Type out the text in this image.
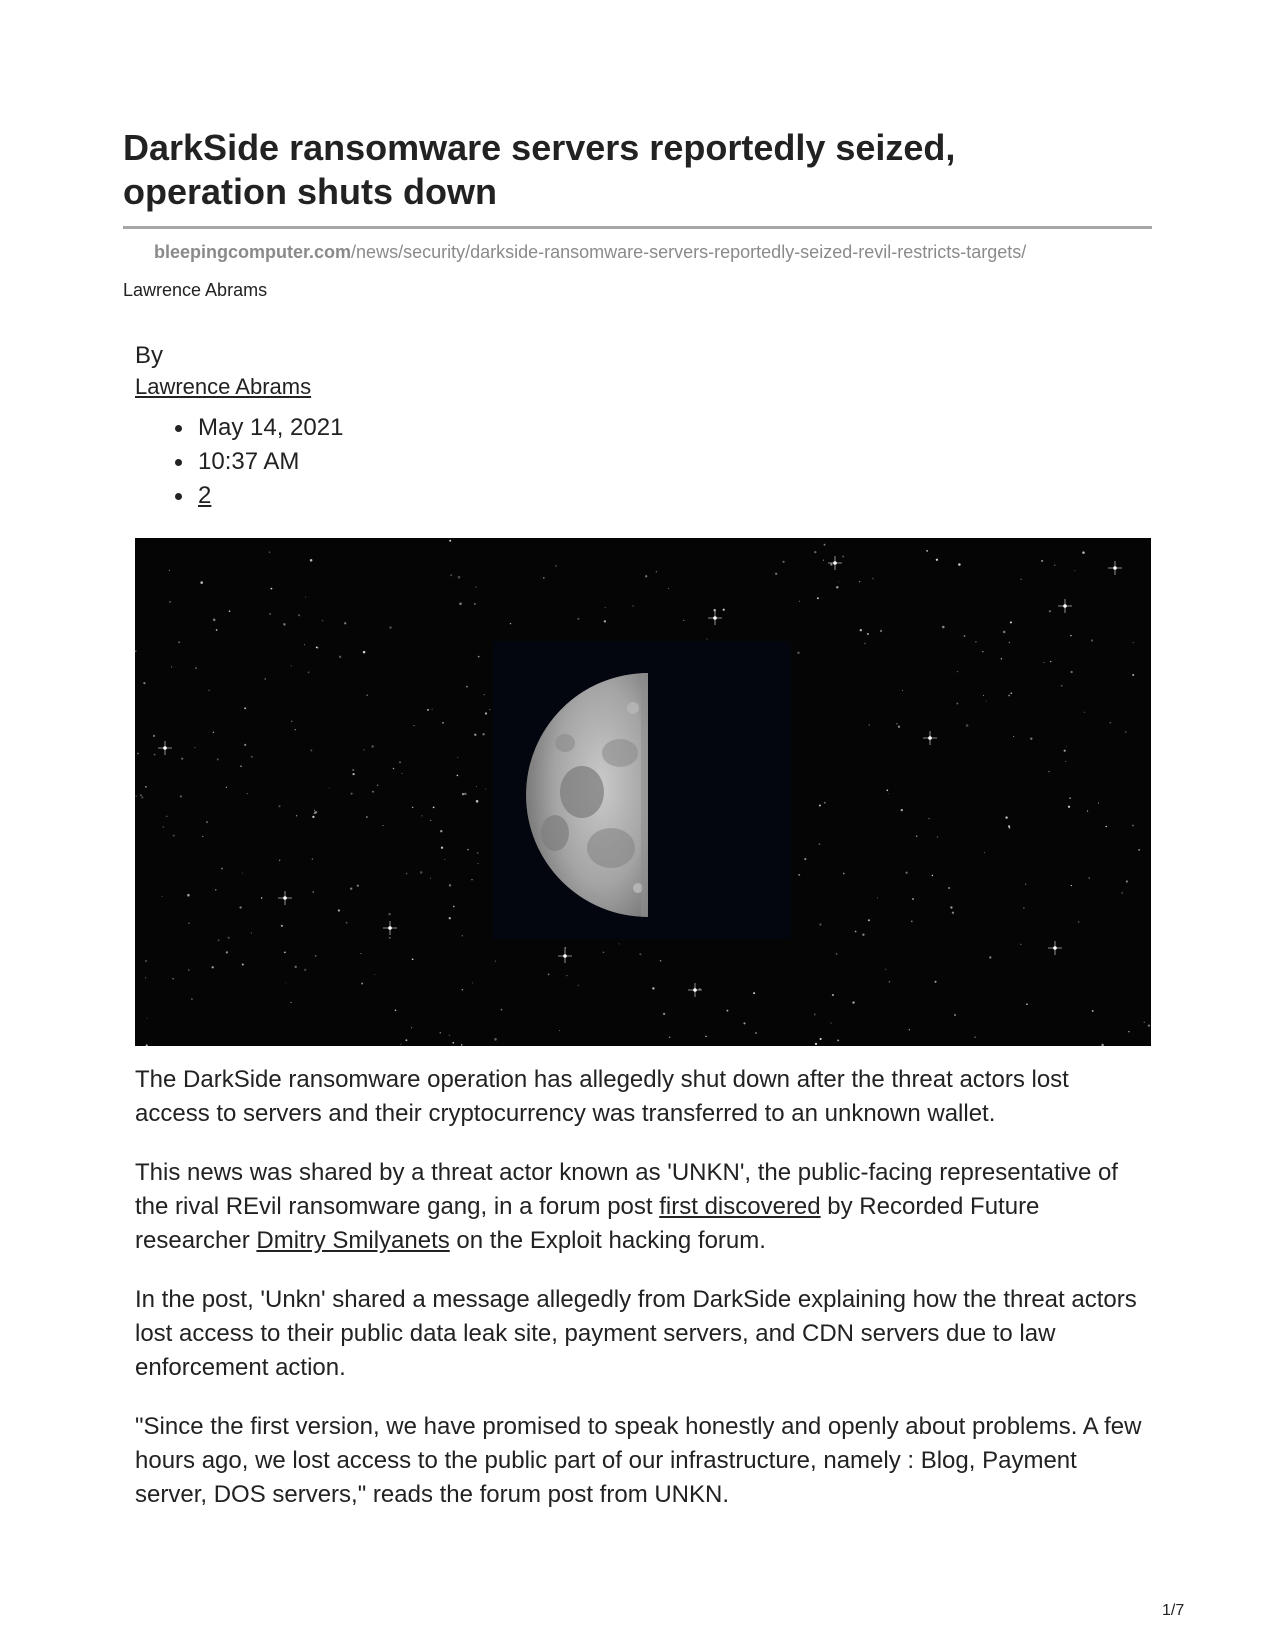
DarkSide ransomware servers reportedly seized, operation shuts down
bleepingcomputer.com/news/security/darkside-ransomware-servers-reportedly-seized-revil-restricts-targets/
Lawrence Abrams
By
Lawrence Abrams
May 14, 2021
10:37 AM
2

The DarkSide ransomware operation has allegedly shut down after the threat actors lost access to servers and their cryptocurrency was transferred to an unknown wallet.

This news was shared by a threat actor known as 'UNKN', the public-facing representative of the rival REvil ransomware gang, in a forum post first discovered by Recorded Future researcher Dmitry Smilyanets on the Exploit hacking forum.

In the post, 'Unkn' shared a message allegedly from DarkSide explaining how the threat actors lost access to their public data leak site, payment servers, and CDN servers due to law enforcement action.

"Since the first version, we have promised to speak honestly and openly about problems. A few hours ago, we lost access to the public part of our infrastructure, namely : Blog, Payment server, DOS servers," reads the forum post from UNKN.

1/7
